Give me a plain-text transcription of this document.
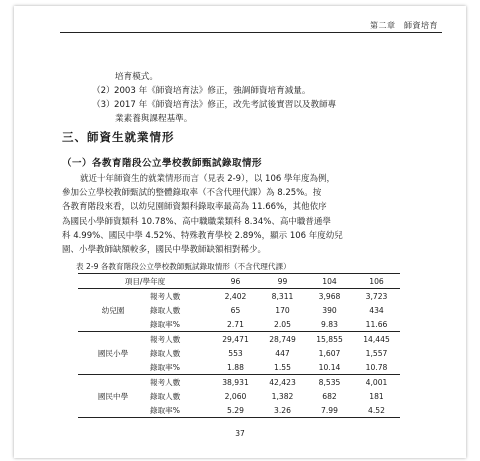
第二章　師資培育
培育模式。
（2） 2003 年《師資培育法》修正，強調師資培育減量。
（3） 2017 年《師資培育法》修正，改先考試後實習以及教師專
業素養與課程基準。
三、師資生就業情形
（一）各教育階段公立學校教師甄試錄取情形
就近十年師資生的就業情形而言（見表 2-9），以 106 學年度為例，
參加公立學校教師甄試的整體錄取率（不含代理代課）為 8.25%。按
各教育階段來看，以幼兒園師資類科錄取率最高為 11.66%，其他依序
為國民小學師資類科 10.78%、高中職職業類科 8.34%、高中職普通學
科 4.99%、國民中學 4.52%、特殊教育學校 2.89%，顯示 106 年度幼兒
園、小學教師缺額較多，國民中學教師缺額相對稀少。
表 2-9 各教育階段公立學校教師甄試錄取情形（不含代理代課）
項目/學年度		96	99	104	106
幼兒園	報考人數	2,402	8,311	3,968	3,723
	錄取人數	65	170	390	434
	錄取率%	2.71	2.05	9.83	11.66
國民小學	報考人數	29,471	28,749	15,855	14,445
	錄取人數	553	447	1,607	1,557
	錄取率%	1.88	1.55	10.14	10.78
國民中學	報考人數	38,931	42,423	8,535	4,001
	錄取人數	2,060	1,382	682	181
	錄取率%	5.29	3.26	7.99	4.52
37
